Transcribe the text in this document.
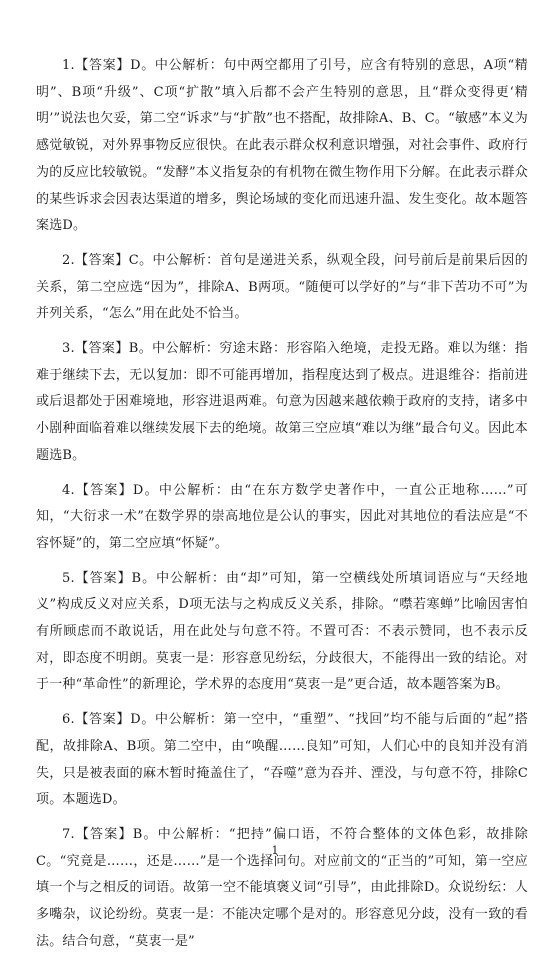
1.【答案】D。中公解析：句中两空都用了引号，应含有特别的意思，A项“精明”、B项“升级”、C项“扩散”填入后都不会产生特别的意思，且“群众变得更‘精明’”说法也欠妥，第二空“诉求”与“扩散”也不搭配，故排除A、B、C。“敏感”本义为感觉敏锐，对外界事物反应很快。在此表示群众权利意识增强，对社会事件、政府行为的反应比较敏锐。“发酵”本义指复杂的有机物在微生物作用下分解。在此表示群众的某些诉求会因表达渠道的增多，舆论场域的变化而迅速升温、发生变化。故本题答案选D。

2.【答案】C。中公解析：首句是递进关系，纵观全段，问号前后是前果后因的关系，第二空应选“因为”，排除A、B两项。“随便可以学好的”与“非下苦功不可”为并列关系，“怎么”用在此处不恰当。

3.【答案】B。中公解析：穷途末路：形容陷入绝境，走投无路。难以为继：指难于继续下去，无以复加：即不可能再增加，指程度达到了极点。进退维谷：指前进或后退都处于困难境地，形容进退两难。句意为因越来越依赖于政府的支持，诸多中小剧种面临着难以继续发展下去的绝境。故第三空应填“难以为继”最合句义。因此本题选B。

4.【答案】D。中公解析：由“在东方数学史著作中，一直公正地称……”可知，“大衍求一术”在数学界的崇高地位是公认的事实，因此对其地位的看法应是“不容怀疑”的，第二空应填“怀疑”。

5.【答案】B。中公解析：由“却”可知，第一空横线处所填词语应与“天经地义”构成反义对应关系，D项无法与之构成反义关系，排除。“噤若寒蝉”比喻因害怕有所顾虑而不敢说话，用在此处与句意不符。不置可否：不表示赞同，也不表示反对，即态度不明朗。莫衷一是：形容意见纷纭，分歧很大，不能得出一致的结论。对于一种“革命性”的新理论，学术界的态度用“莫衷一是”更合适，故本题答案为B。

6.【答案】D。中公解析：第一空中，“重塑”、“找回”均不能与后面的“起”搭配，故排除A、B项。第二空中，由“唤醒……良知”可知，人们心中的良知并没有消失，只是被表面的麻木暂时掩盖住了，“吞噬”意为吞并、湮没，与句意不符，排除C项。本题选D。

7.【答案】B。中公解析：“把持”偏口语，不符合整体的文体色彩，故排除C。“究竟是……，还是……”是一个选择问句。对应前文的“正当的”可知，第一空应填一个与之相反的词语。故第一空不能填褒义词“引导”，由此排除D。众说纷纭：人多嘴杂，议论纷纷。莫衷一是：不能决定哪个是对的。形容意见分歧，没有一致的看法。结合句意，“莫衷一是”

1
